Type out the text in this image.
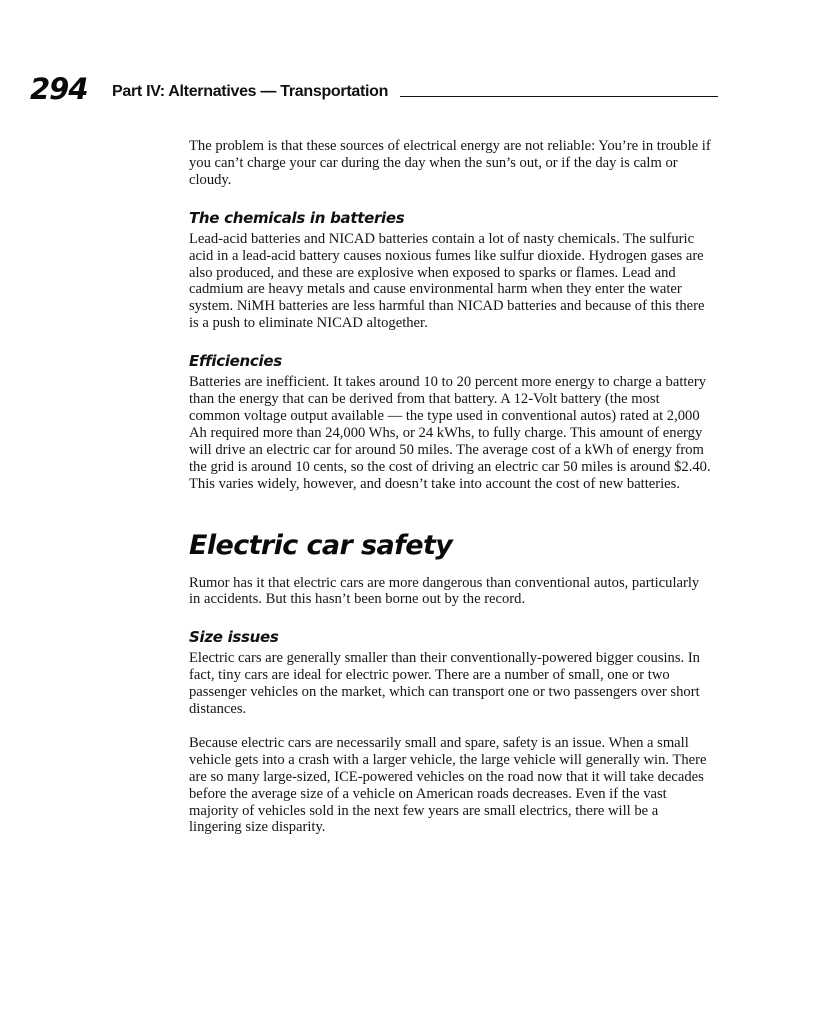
294 Part IV: Alternatives — Transportation

The problem is that these sources of electrical energy are not reliable: You’re in trouble if you can’t charge your car during the day when the sun’s out, or if the day is calm or cloudy.

The chemicals in batteries

Lead-acid batteries and NICAD batteries contain a lot of nasty chemicals. The sulfuric acid in a lead-acid battery causes noxious fumes like sulfur dioxide. Hydrogen gases are also produced, and these are explosive when exposed to sparks or flames. Lead and cadmium are heavy metals and cause environmental harm when they enter the water system. NiMH batteries are less harmful than NICAD batteries and because of this there is a push to eliminate NICAD altogether.

Efficiencies

Batteries are inefficient. It takes around 10 to 20 percent more energy to charge a battery than the energy that can be derived from that battery. A 12-Volt battery (the most common voltage output available — the type used in conventional autos) rated at 2,000 Ah required more than 24,000 Whs, or 24 kWhs, to fully charge. This amount of energy will drive an electric car for around 50 miles. The average cost of a kWh of energy from the grid is around 10 cents, so the cost of driving an electric car 50 miles is around $2.40. This varies widely, however, and doesn’t take into account the cost of new batteries.

Electric car safety

Rumor has it that electric cars are more dangerous than conventional autos, particularly in accidents. But this hasn’t been borne out by the record.

Size issues

Electric cars are generally smaller than their conventionally-powered bigger cousins. In fact, tiny cars are ideal for electric power. There are a number of small, one or two passenger vehicles on the market, which can transport one or two passengers over short distances.

Because electric cars are necessarily small and spare, safety is an issue. When a small vehicle gets into a crash with a larger vehicle, the large vehicle will generally win. There are so many large-sized, ICE-powered vehicles on the road now that it will take decades before the average size of a vehicle on American roads decreases. Even if the vast majority of vehicles sold in the next few years are small electrics, there will be a lingering size disparity.
